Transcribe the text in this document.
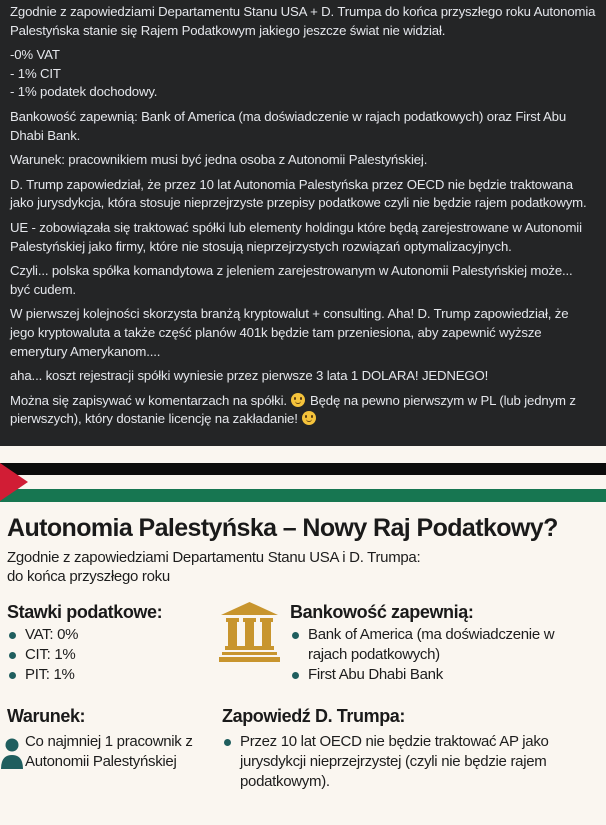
Zgodnie z zapowiedziami Departamentu Stanu USA + D. Trumpa do końca przyszłego roku Autonomia Palestyńska stanie się Rajem Podatkowym jakiego jeszcze świat nie widział.

-0% VAT
- 1% CIT
- 1% podatek dochodowy.

Bankowość zapewnią: Bank of America (ma doświadczenie w rajach podatkowych) oraz First Abu Dhabi Bank.

Warunek: pracownikiem musi być jedna osoba z Autonomii Palestyńskiej.

D. Trump zapowiedział, że przez 10 lat Autonomia Palestyńska przez OECD nie będzie traktowana jako jurysdykcja, która stosuje nieprzejrzyste przepisy podatkowe czyli nie będzie rajem podatkowym.

UE - zobowiązała się traktować spółki lub elementy holdingu które będą zarejestrowane w Autonomii Palestyńskiej jako firmy, które nie stosują nieprzejrzystych rozwiązań optymalizacyjnych.

Czyli... polska spółka komandytowa z jeleniem zarejestrowanym w Autonomii Palestyńskiej może... być cudem.

W pierwszej kolejności skorzysta branżą kryptowalut + consulting. Aha! D. Trump zapowiedział, że jego kryptowaluta a także część planów 401k będzie tam przeniesiona, aby zapewnić wyższe emerytury Amerykanom....

aha... koszt rejestracji spółki wyniesie przez pierwsze 3 lata 1 DOLARA! JEDNEGO!

Można się zapisywać w komentarzach na spółki. Będę na pewno pierwszym w PL (lub jednym z pierwszych), który dostanie licencję na zakładanie!

Autonomia Palestyńska – Nowy Raj Podatkowy?
Zgodnie z zapowiedziami Departamentu Stanu USA i D. Trumpa:
do końca przyszłego roku
Stawki podatkowe:
VAT: 0%
CIT: 1%
PIT: 1%
Bankowość zapewnią:
Bank of America (ma doświadczenie w rajach podatkowych)
First Abu Dhabi Bank
Warunek:
Co najmniej 1 pracownik z Autonomii Palestyńskiej
Zapowiedź D. Trumpa:
Przez 10 lat OECD nie będzie traktować AP jako jurysdykcji nieprzejrzystej (czyli nie będzie rajem podatkowym).
